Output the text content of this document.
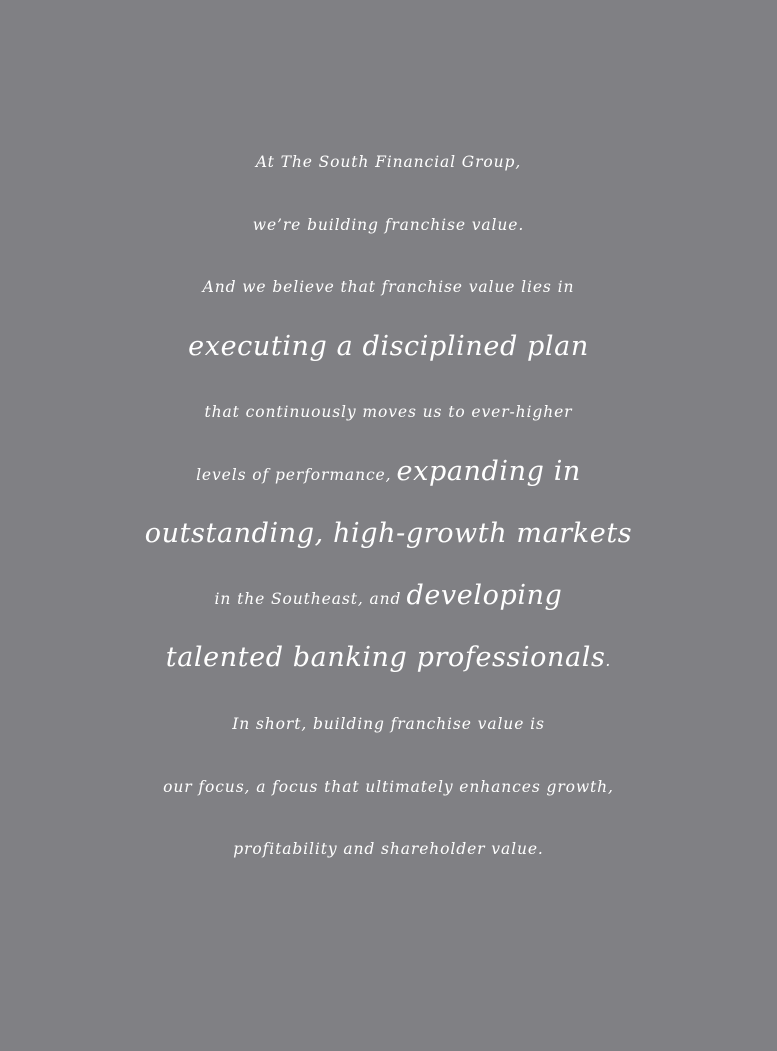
At The South Financial Group,
we’re building franchise value.
And we believe that franchise value lies in
executing a disciplined plan
that continuously moves us to ever-higher
levels of performance, expanding in
outstanding, high-growth markets
in the Southeast, and developing
talented banking professionals.
In short, building franchise value is
our focus, a focus that ultimately enhances growth,
profitability and shareholder value.
